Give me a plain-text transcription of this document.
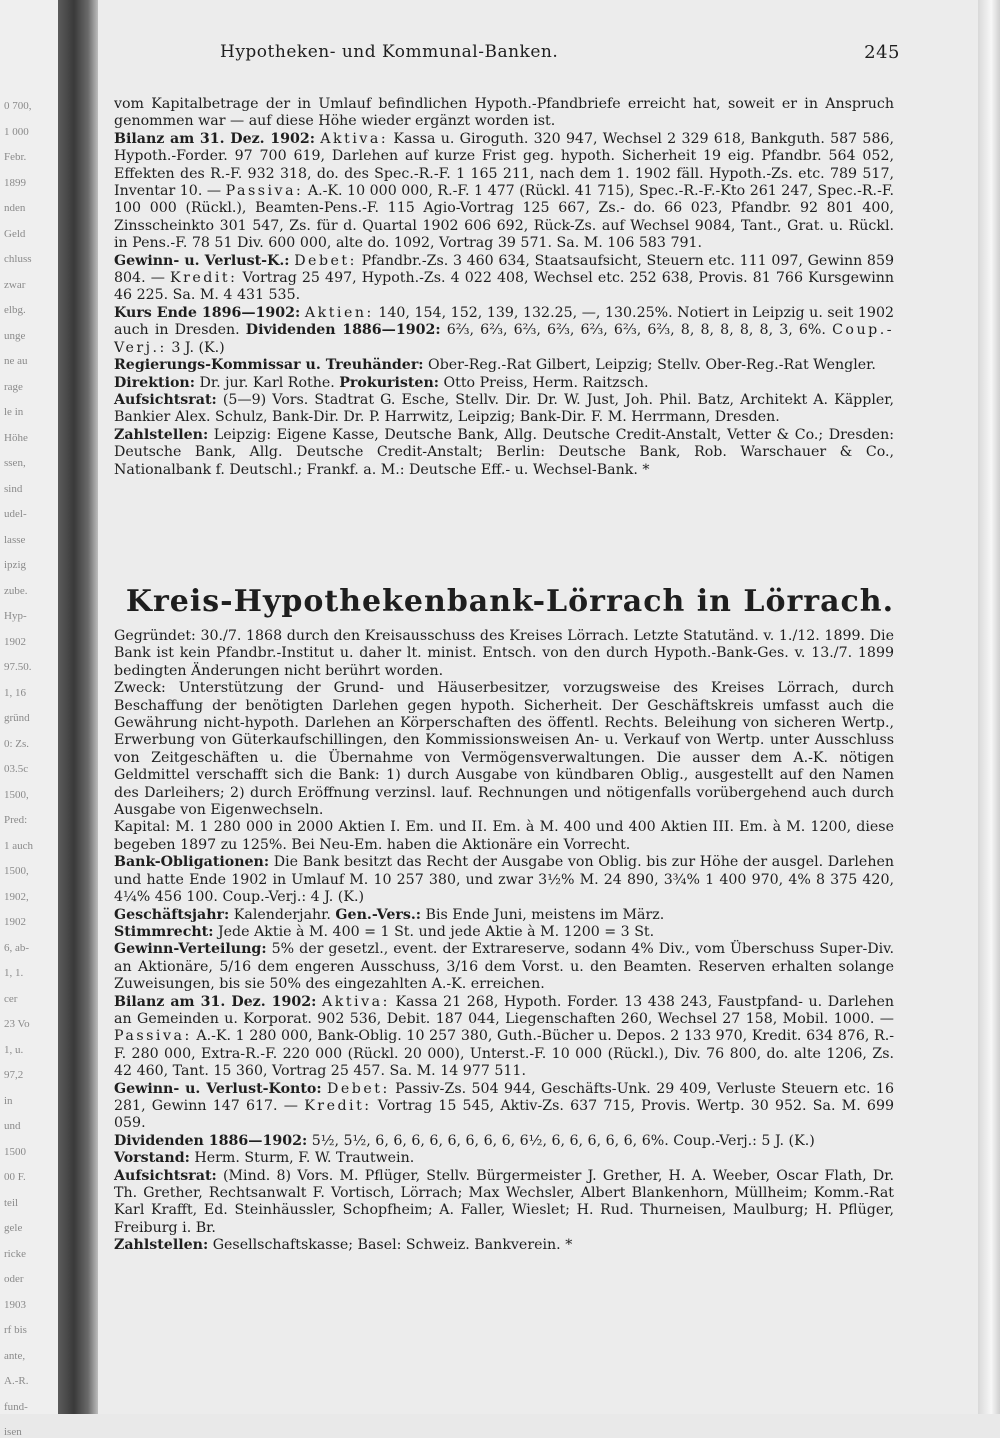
0 700,
1 000
Febr.
1899
nden
Geld
chluss
zwar
elbg.
unge
ne au
rage
le in
Höhe
ssen,
sind
udel-
lasse
ipzig
zube.
Hyp-
1902
97.50.
1, 16
gründ
0: Zs.
03.5c
1500,
Pred:
1 auch
1500,
1902,
1902
6, ab-
1, 1.
cer
23 Vo
1, u.
97,2
in
und
1500
00 F.
teil
gele
ricke
oder
1903
rf bis
ante,
A.-R.
fund-
isen
Hypotheken- und Kommunal-Banken.	245

vom Kapitalbetrage der in Umlauf befindlichen Hypoth.-Pfandbriefe erreicht hat, soweit er in Anspruch genommen war — auf diese Höhe wieder ergänzt worden ist.

Bilanz am 31. Dez. 1902: Aktiva: Kassa u. Giroguth. 320 947, Wechsel 2 329 618, Bankguth. 587 586, Hypoth.-Forder. 97 700 619, Darlehen auf kurze Frist geg. hypoth. Sicherheit 19 eig. Pfandbr. 564 052, Effekten des R.-F. 932 318, do. des Spec.-R.-F. 1 165 211, nach dem 1. 1902 fäll. Hypoth.-Zs. etc. 789 517, Inventar 10. — Passiva: A.-K. 10 000 000, R.-F. 1 477 (Rückl. 41 715), Spec.-R.-F.-Kto 261 247, Spec.-R.-F. 100 000 (Rückl.), Beamten-Pens.-F. 115 Agio-Vortrag 125 667, Zs.- do. 66 023, Pfandbr. 92 801 400, Zinsscheinkto 301 547, Zs. für d. Quartal 1902 606 692, Rück-Zs. auf Wechsel 9084, Tant., Grat. u. Rückl. in Pens.-F. 78 51 Div. 600 000, alte do. 1092, Vortrag 39 571. Sa. M. 106 583 791.

Gewinn- u. Verlust-K.: Debet: Pfandbr.-Zs. 3 460 634, Staatsaufsicht, Steuern etc. 111 097, Gewinn 859 804. — Kredit: Vortrag 25 497, Hypoth.-Zs. 4 022 408, Wechsel etc. 252 638, Provis. 81 766 Kursgewinn 46 225. Sa. M. 4 431 535.

Kurs Ende 1896—1902: Aktien: 140, 154, 152, 139, 132.25, —, 130.25%. Notiert in Leipzig u. seit 1902 auch in Dresden. Dividenden 1886—1902: 6⅔, 6⅔, 6⅔, 6⅔, 6⅔, 6⅔, 6⅔, 8, 8, 8, 8, 8, 3, 6%. Coup.-Verj.: 3 J. (K.)

Regierungs-Kommissar u. Treuhänder: Ober-Reg.-Rat Gilbert, Leipzig; Stellv. Ober-Reg.-Rat Wengler.

Direktion: Dr. jur. Karl Rothe. Prokuristen: Otto Preiss, Herm. Raitzsch.

Aufsichtsrat: (5—9) Vors. Stadtrat G. Esche, Stellv. Dir. Dr. W. Just, Joh. Phil. Batz, Architekt A. Käppler, Bankier Alex. Schulz, Bank-Dir. Dr. P. Harrwitz, Leipzig; Bank-Dir. F. M. Herrmann, Dresden.

Zahlstellen: Leipzig: Eigene Kasse, Deutsche Bank, Allg. Deutsche Credit-Anstalt, Vetter & Co.; Dresden: Deutsche Bank, Allg. Deutsche Credit-Anstalt; Berlin: Deutsche Bank, Rob. Warschauer & Co., Nationalbank f. Deutschl.; Frankf. a. M.: Deutsche Eff.- u. Wechsel-Bank. *

Kreis-Hypothekenbank-Lörrach in Lörrach.

Gegründet: 30./7. 1868 durch den Kreisausschuss des Kreises Lörrach. Letzte Statutänd. v. 1./12. 1899. Die Bank ist kein Pfandbr.-Institut u. daher lt. minist. Entsch. von den durch Hypoth.-Bank-Ges. v. 13./7. 1899 bedingten Änderungen nicht berührt worden.

Zweck: Unterstützung der Grund- und Häuserbesitzer, vorzugsweise des Kreises Lörrach, durch Beschaffung der benötigten Darlehen gegen hypoth. Sicherheit. Der Geschäftskreis umfasst auch die Gewährung nicht-hypoth. Darlehen an Körperschaften des öffentl. Rechts. Beleihung von sicheren Wertp., Erwerbung von Güterkaufschillingen, den Kommissionsweisen An- u. Verkauf von Wertp. unter Ausschluss von Zeitgeschäften u. die Übernahme von Vermögensverwaltungen. Die ausser dem A.-K. nötigen Geldmittel verschafft sich die Bank: 1) durch Ausgabe von kündbaren Oblig., ausgestellt auf den Namen des Darleihers; 2) durch Eröffnung verzinsl. lauf. Rechnungen und nötigenfalls vorübergehend auch durch Ausgabe von Eigenwechseln.

Kapital: M. 1 280 000 in 2000 Aktien I. Em. und II. Em. à M. 400 und 400 Aktien III. Em. à M. 1200, diese begeben 1897 zu 125%. Bei Neu-Em. haben die Aktionäre ein Vorrecht.

Bank-Obligationen: Die Bank besitzt das Recht der Ausgabe von Oblig. bis zur Höhe der ausgel. Darlehen und hatte Ende 1902 in Umlauf M. 10 257 380, und zwar 3½% M. 24 890, 3¾% 1 400 970, 4% 8 375 420, 4¼% 456 100. Coup.-Verj.: 4 J. (K.)

Geschäftsjahr: Kalenderjahr. Gen.-Vers.: Bis Ende Juni, meistens im März.

Stimmrecht: Jede Aktie à M. 400 = 1 St. und jede Aktie à M. 1200 = 3 St.

Gewinn-Verteilung: 5% der gesetzl., event. der Extrareserve, sodann 4% Div., vom Überschuss Super-Div. an Aktionäre, 5/16 dem engeren Ausschuss, 3/16 dem Vorst. u. den Beamten. Reserven erhalten solange Zuweisungen, bis sie 50% des eingezahlten A.-K. erreichen.

Bilanz am 31. Dez. 1902: Aktiva: Kassa 21 268, Hypoth. Forder. 13 438 243, Faustpfand- u. Darlehen an Gemeinden u. Korporat. 902 536, Debit. 187 044, Liegenschaften 260, Wechsel 27 158, Mobil. 1000. — Passiva: A.-K. 1 280 000, Bank-Oblig. 10 257 380, Guth.-Bücher u. Depos. 2 133 970, Kredit. 634 876, R.-F. 280 000, Extra-R.-F. 220 000 (Rückl. 20 000), Unterst.-F. 10 000 (Rückl.), Div. 76 800, do. alte 1206, Zs. 42 460, Tant. 15 360, Vortrag 25 457. Sa. M. 14 977 511.

Gewinn- u. Verlust-Konto: Debet: Passiv-Zs. 504 944, Geschäfts-Unk. 29 409, Verluste Steuern etc. 16 281, Gewinn 147 617. — Kredit: Vortrag 15 545, Aktiv-Zs. 637 715, Provis. Wertp. 30 952. Sa. M. 699 059.

Dividenden 1886—1902: 5½, 5½, 6, 6, 6, 6, 6, 6, 6, 6, 6½, 6, 6, 6, 6, 6, 6%. Coup.-Verj.: 5 J. (K.)

Vorstand: Herm. Sturm, F. W. Trautwein.

Aufsichtsrat: (Mind. 8) Vors. M. Pflüger, Stellv. Bürgermeister J. Grether, H. A. Weeber, Oscar Flath, Dr. Th. Grether, Rechtsanwalt F. Vortisch, Lörrach; Max Wechsler, Albert Blankenhorn, Müllheim; Komm.-Rat Karl Krafft, Ed. Steinhäussler, Schopfheim; A. Faller, Wieslet; H. Rud. Thurneisen, Maulburg; H. Pflüger, Freiburg i. Br.

Zahlstellen: Gesellschaftskasse; Basel: Schweiz. Bankverein. *
